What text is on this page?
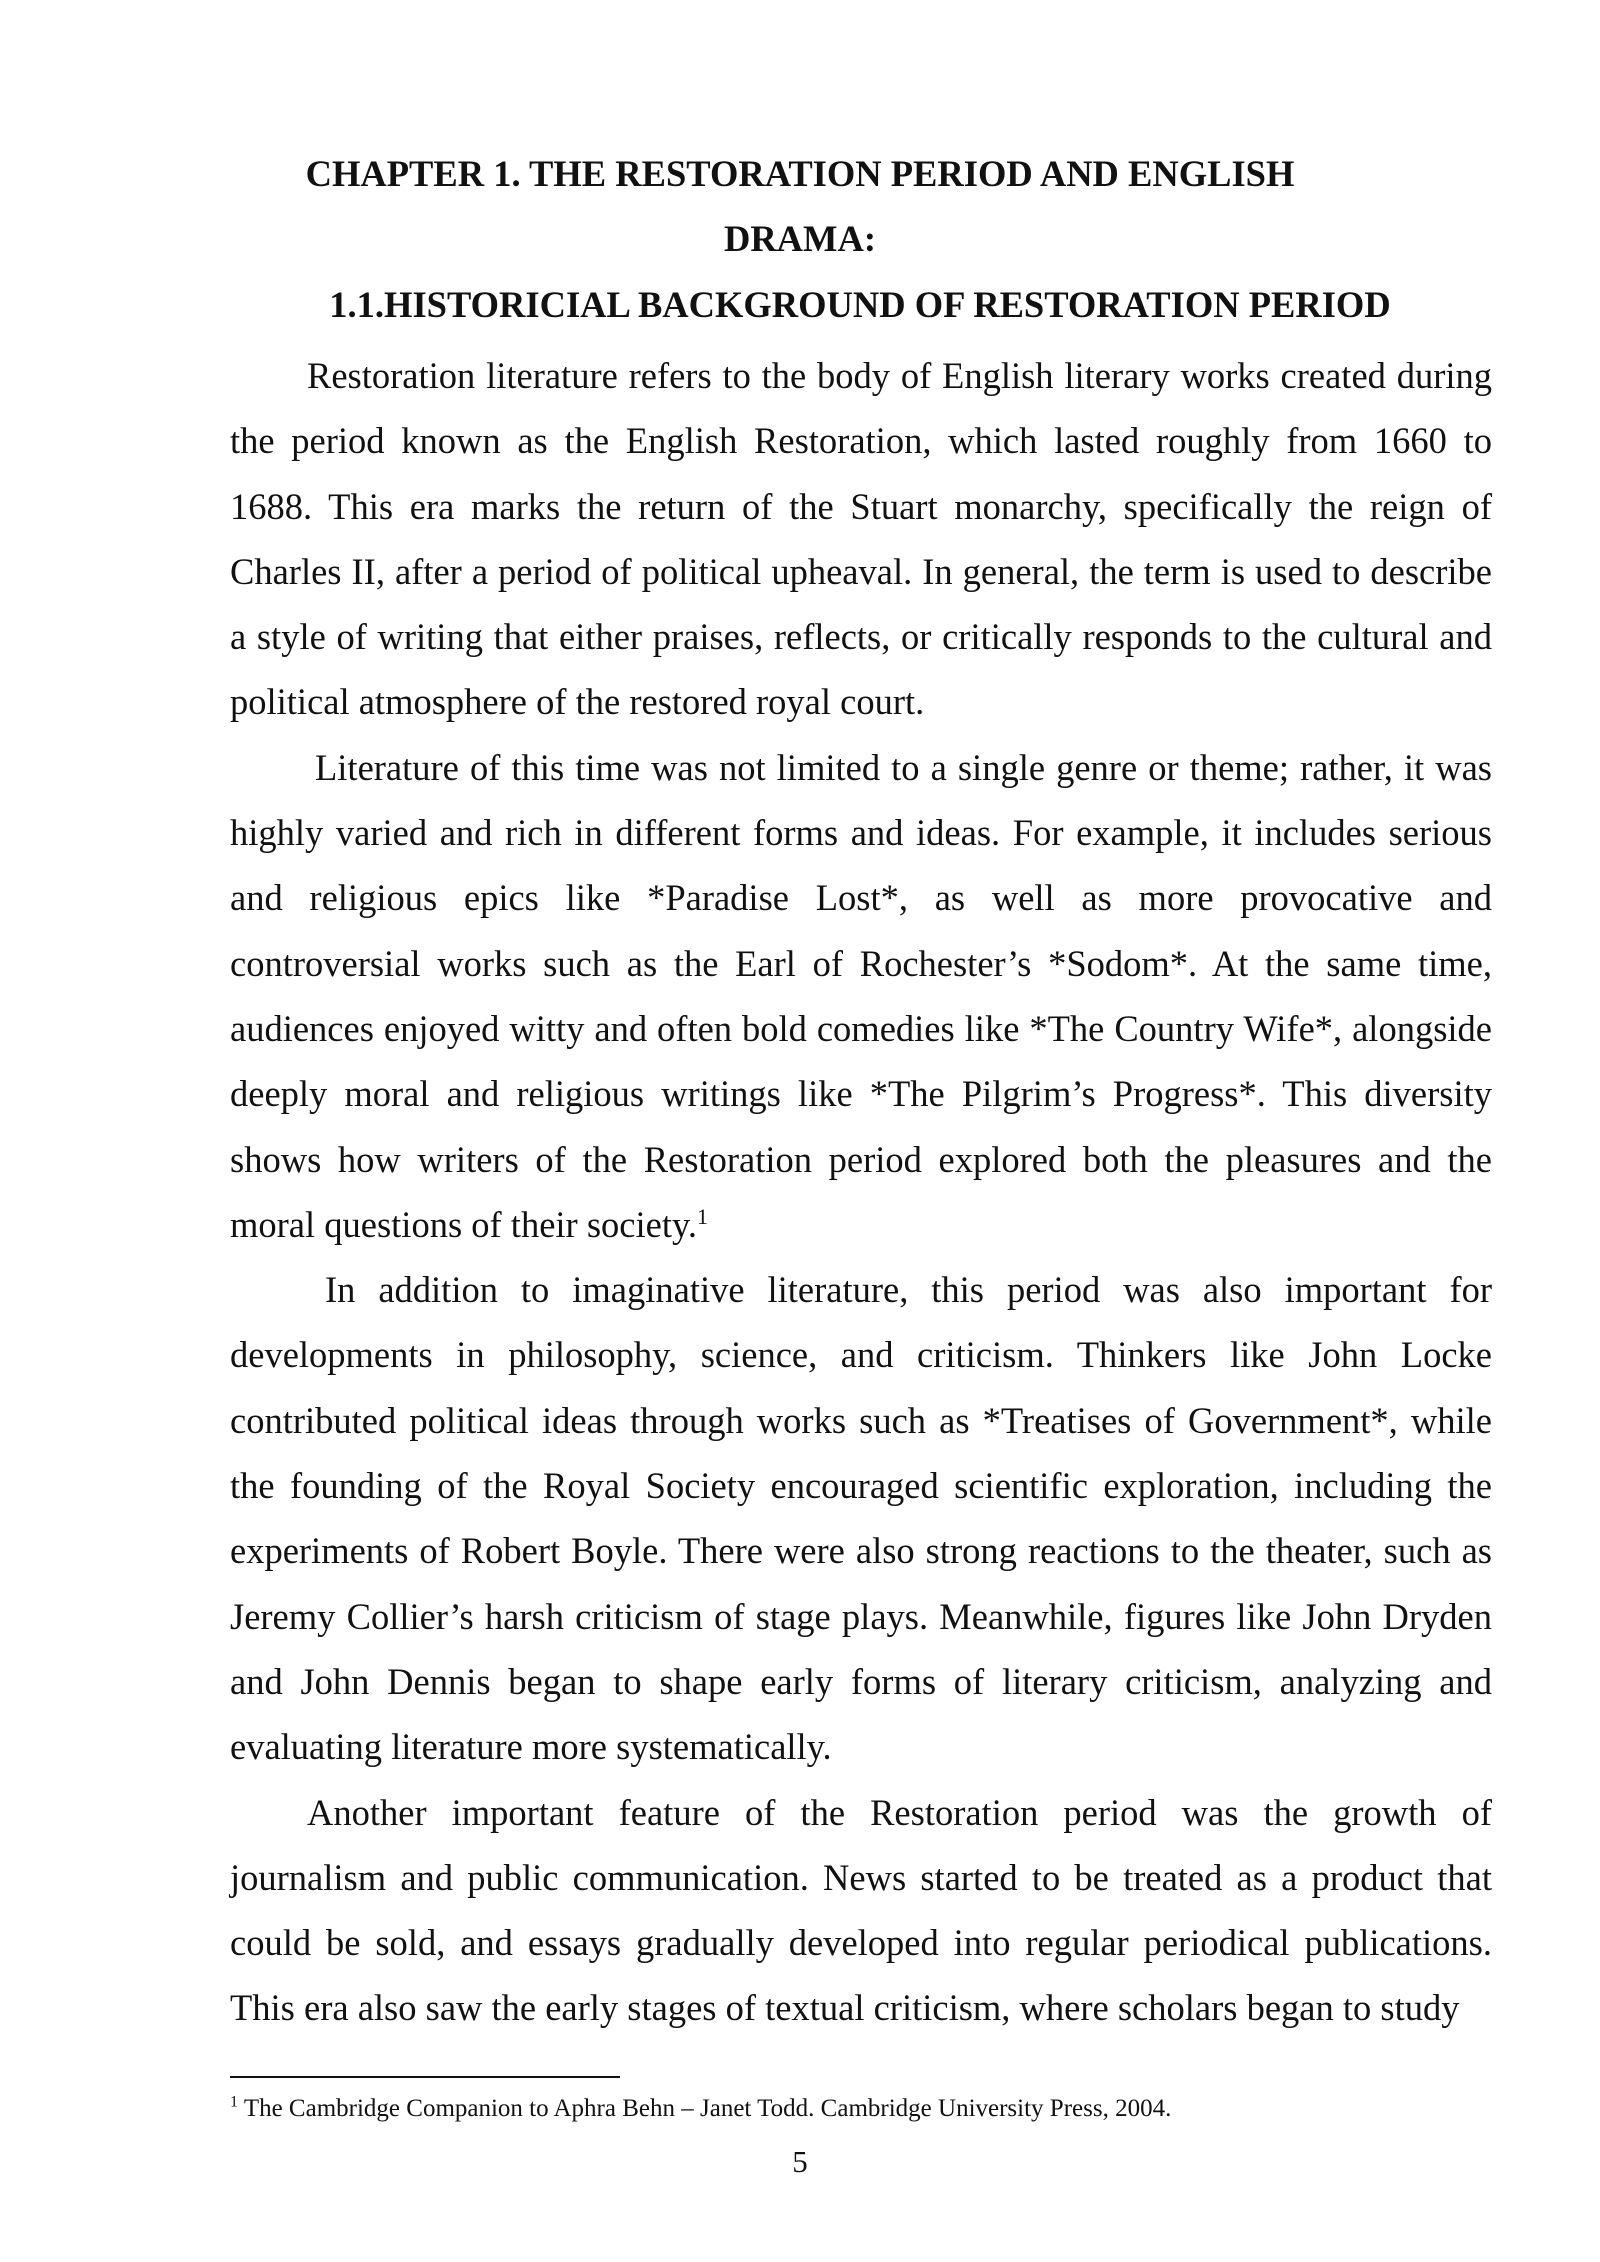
CHAPTER 1. THE RESTORATION PERIOD AND ENGLISH
DRAMA:
1.1.HISTORICIAL BACKGROUND OF RESTORATION PERIOD

Restoration literature refers to the body of English literary works created during the period known as the English Restoration, which lasted roughly from 1660 to 1688. This era marks the return of the Stuart monarchy, specifically the reign of Charles II, after a period of political upheaval. In general, the term is used to describe a style of writing that either praises, reflects, or critically responds to the cultural and political atmosphere of the restored royal court.

Literature of this time was not limited to a single genre or theme; rather, it was highly varied and rich in different forms and ideas. For example, it includes serious and religious epics like *Paradise Lost*, as well as more provocative and controversial works such as the Earl of Rochester’s *Sodom*. At the same time, audiences enjoyed witty and often bold comedies like *The Country Wife*, alongside deeply moral and religious writings like *The Pilgrim’s Progress*. This diversity shows how writers of the Restoration period explored both the pleasures and the moral questions of their society.$^1$

In addition to imaginative literature, this period was also important for developments in philosophy, science, and criticism. Thinkers like John Locke contributed political ideas through works such as *Treatises of Government*, while the founding of the Royal Society encouraged scientific exploration, including the experiments of Robert Boyle. There were also strong reactions to the theater, such as Jeremy Collier’s harsh criticism of stage plays. Meanwhile, figures like John Dryden and John Dennis began to shape early forms of literary criticism, analyzing and evaluating literature more systematically.

Another important feature of the Restoration period was the growth of journalism and public communication. News started to be treated as a product that could be sold, and essays gradually developed into regular periodical publications. This era also saw the early stages of textual criticism, where scholars began to study

$^1$ The Cambridge Companion to Aphra Behn – Janet Todd. Cambridge University Press, 2004.

5
